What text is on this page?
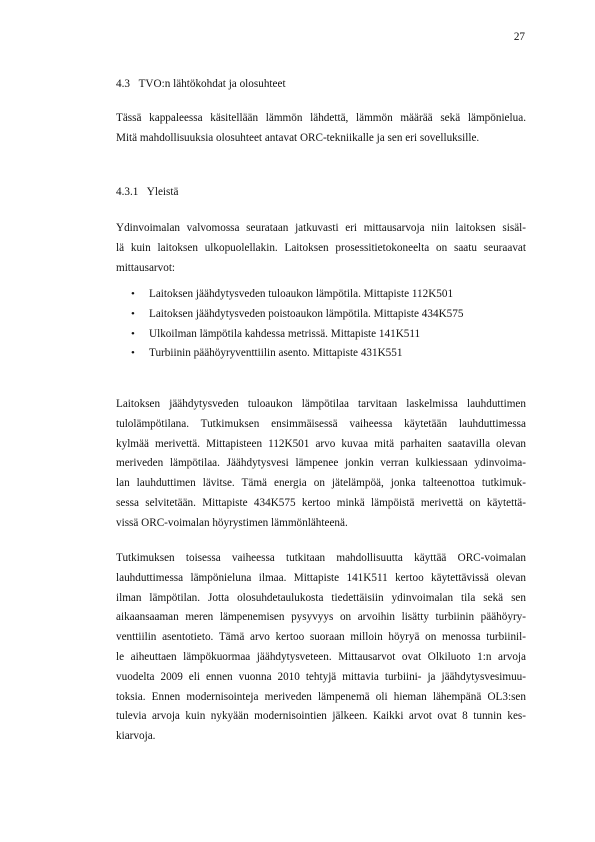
27
4.3 TVO:n lähtökohdat ja olosuhteet
Tässä kappaleessa käsitellään lämmön lähdettä, lämmön määrää sekä lämpönielua.
Mitä mahdollisuuksia olosuhteet antavat ORC-tekniikalle ja sen eri sovelluksille.
4.3.1 Yleistä
Ydinvoimalan valvomossa seurataan jatkuvasti eri mittausarvoja niin laitoksen sisäl-
lä kuin laitoksen ulkopuolellakin. Laitoksen prosessitietokoneelta on saatu seuraavat
mittausarvot:
• Laitoksen jäähdytysveden tuloaukon lämpötila. Mittapiste 112K501
• Laitoksen jäähdytysveden poistoaukon lämpötila. Mittapiste 434K575
• Ulkoilman lämpötila kahdessa metrissä. Mittapiste 141K511
• Turbiinin päähöyryventtiilin asento. Mittapiste 431K551
Laitoksen jäähdytysveden tuloaukon lämpötilaa tarvitaan laskelmissa lauhduttimen
tulolämpötilana. Tutkimuksen ensimmäisessä vaiheessa käytetään lauhduttimessa
kylmää merivettä. Mittapisteen 112K501 arvo kuvaa mitä parhaiten saatavilla olevan
meriveden lämpötilaa. Jäähdytysvesi lämpenee jonkin verran kulkiessaan ydinvoima-
lan lauhduttimen lävitse. Tämä energia on jätelämpöä, jonka talteenottoa tutkimuk-
sessa selvitetään. Mittapiste 434K575 kertoo minkä lämpöistä merivettä on käytettä-
vissä ORC-voimalan höyrystimen lämmönlähteenä.
Tutkimuksen toisessa vaiheessa tutkitaan mahdollisuutta käyttää ORC-voimalan
lauhduttimessa lämpönieluna ilmaa. Mittapiste 141K511 kertoo käytettävissä olevan
ilman lämpötilan. Jotta olosuhdetaulukosta tiedettäisiin ydinvoimalan tila sekä sen
aikaansaaman meren lämpenemisen pysyvyys on arvoihin lisätty turbiinin päähöyry-
venttiilin asentotieto. Tämä arvo kertoo suoraan milloin höyryä on menossa turbiinil-
le aiheuttaen lämpökuormaa jäähdytysveteen. Mittausarvot ovat Olkiluoto 1:n arvoja
vuodelta 2009 eli ennen vuonna 2010 tehtyjä mittavia turbiini- ja jäähdytysvesimuu-
toksia. Ennen modernisointeja meriveden lämpenemä oli hieman lähempänä OL3:sen
tulevia arvoja kuin nykyään modernisointien jälkeen. Kaikki arvot ovat 8 tunnin kes-
kiarvoja.
